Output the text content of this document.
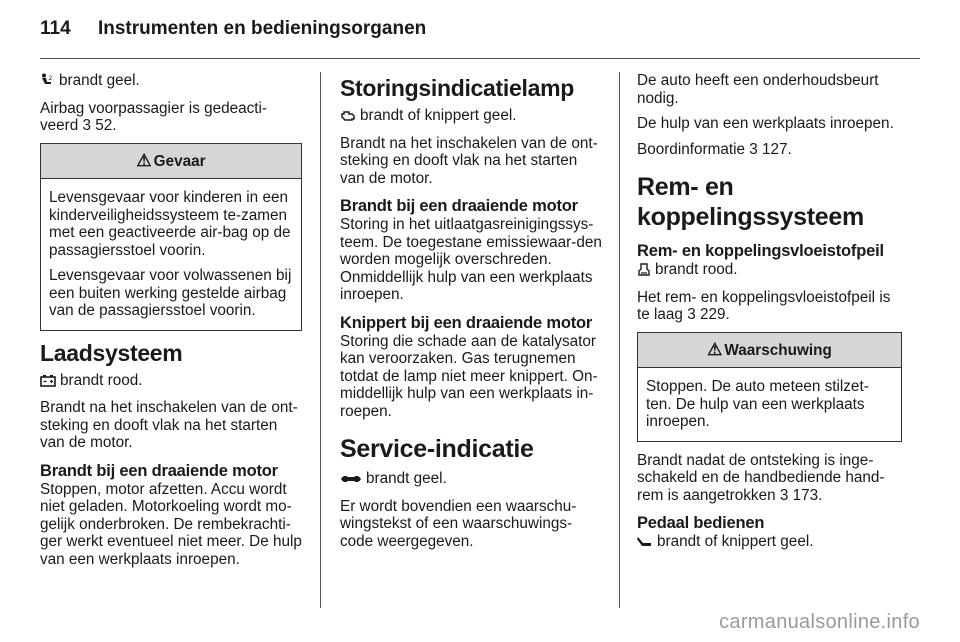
114 Instrumenten en bedieningsorganen

2 brandt geel.

Airbag voorpassagier is gedeacti-veerd 3 52.

⚠ Gevaar

Levensgevaar voor kinderen in een kinderveiligheidssysteem te-zamen met een geactiveerde air-bag op de passagiersstoel voorin.

Levensgevaar voor volwassenen bij een buiten werking gestelde airbag van de passagiersstoel voorin.

Laadsysteem

brandt rood.

Brandt na het inschakelen van de ont-steking en dooft vlak na het starten van de motor.

Brandt bij een draaiende motor

Stoppen, motor afzetten. Accu wordt niet geladen. Motorkoeling wordt mo-gelijk onderbroken. De rembekrachti-ger werkt eventueel niet meer. De hulp van een werkplaats inroepen.

Storingsindicatielamp

brandt of knippert geel.

Brandt na het inschakelen van de ont-steking en dooft vlak na het starten van de motor.

Brandt bij een draaiende motor

Storing in het uitlaatgasreinigingssys-teem. De toegestane emissiewaar-den worden mogelijk overschreden. Onmiddellijk hulp van een werkplaats inroepen.

Knippert bij een draaiende motor

Storing die schade aan de katalysator kan veroorzaken. Gas terugnemen totdat de lamp niet meer knippert. On-middellijk hulp van een werkplaats in-roepen.

Service-indicatie

brandt geel.

Er wordt bovendien een waarschu-wingstekst of een waarschuwings-code weergegeven.

De auto heeft een onderhoudsbeurt nodig.

De hulp van een werkplaats inroepen.

Boordinformatie 3 127.

Rem- en koppelingssysteem
Rem- en koppelingsvloeistofpeil

brandt rood.

Het rem- en koppelingsvloeistofpeil is te laag 3 229.

⚠ Waarschuwing

Stoppen. De auto meteen stilzet-ten. De hulp van een werkplaats inroepen.

Brandt nadat de ontsteking is inge-schakeld en de handbediende hand-rem is aangetrokken 3 173.

Pedaal bedienen

brandt of knippert geel.

carmanualsonline.info
